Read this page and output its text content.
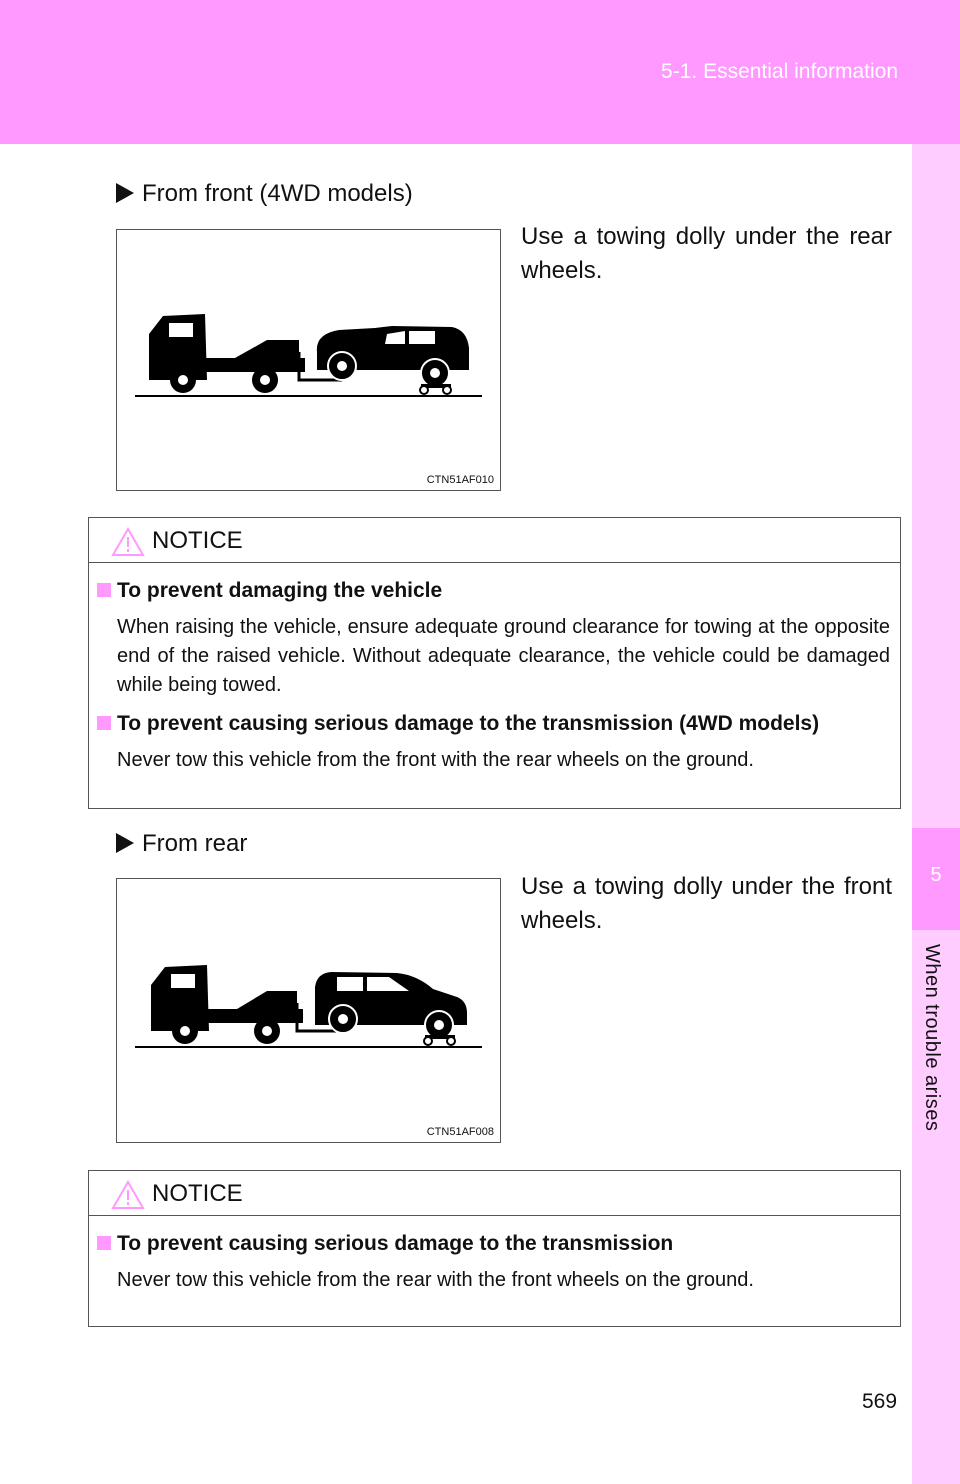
5-1. Essential information
5
When trouble arises
From front (4WD models)
Use a towing dolly under the rear wheels.
CTN51AF010
NOTICE
To prevent damaging the vehicle
When raising the vehicle, ensure adequate ground clearance for towing at the opposite end of the raised vehicle. Without adequate clearance, the vehicle could be damaged while being towed.
To prevent causing serious damage to the transmission (4WD models)
Never tow this vehicle from the front with the rear wheels on the ground.
From rear
Use a towing dolly under the front wheels.
CTN51AF008
NOTICE
To prevent causing serious damage to the transmission
Never tow this vehicle from the rear with the front wheels on the ground.
569
